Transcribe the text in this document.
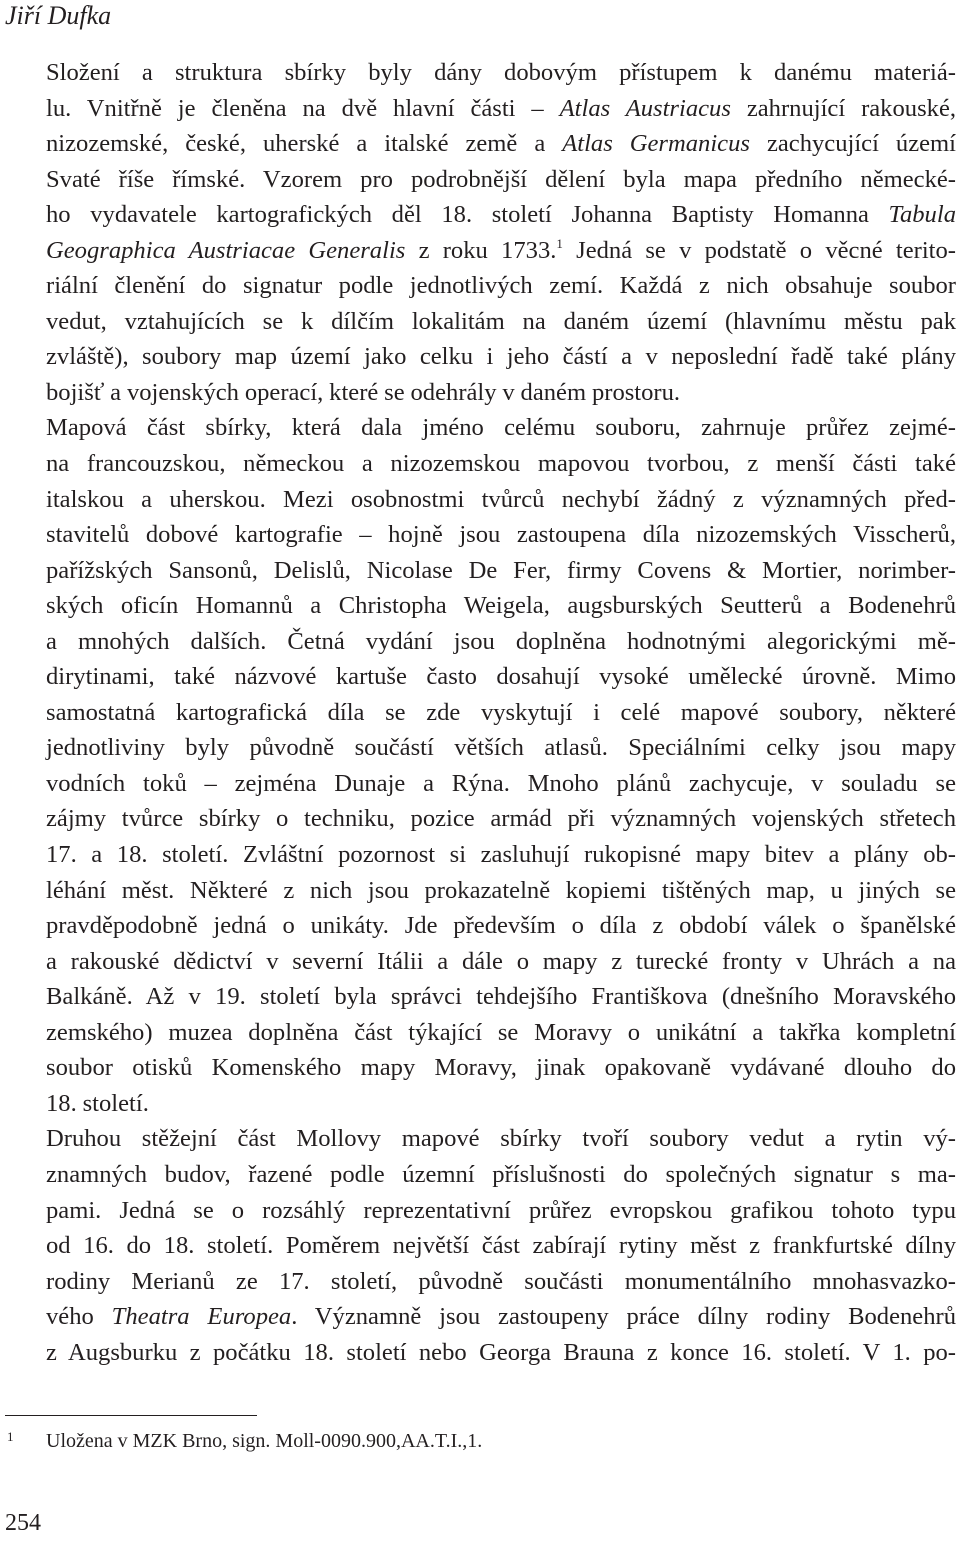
Jiří Dufka

Složení a struktura sbírky byly dány dobovým přístupem k danému materiá-
lu. Vnitřně je členěna na dvě hlavní části – Atlas Austriacus zahrnující rakouské,
nizozemské, české, uherské a italské země a Atlas Germanicus zachycující území
Svaté říše římské. Vzorem pro podrobnější dělení byla mapa předního německé-
ho vydavatele kartografických děl 18. století Johanna Baptisty Homanna Tabula
Geographica Austriacae Generalis z roku 1733.$^1$ Jedná se v podstatě o věcné terito-
riální členění do signatur podle jednotlivých zemí. Každá z nich obsahuje soubor
vedut, vztahujících se k dílčím lokalitám na daném území (hlavnímu městu pak
zvláště), soubory map území jako celku i jeho částí a v neposlední řadě také plány
bojišť a vojenských operací, které se odehrály v daném prostoru.

Mapová část sbírky, která dala jméno celému souboru, zahrnuje průřez zejmé-
na francouzskou, německou a nizozemskou mapovou tvorbou, z menší části také
italskou a uherskou. Mezi osobnostmi tvůrců nechybí žádný z významných před-
stavitelů dobové kartografie – hojně jsou zastoupena díla nizozemských Visscherů,
pařížských Sansonů, Delislů, Nicolase De Fer, firmy Covens & Mortier, norimber-
ských oficín Homannů a Christopha Weigela, augsburských Seutterů a Bodenehrů
a mnohých dalších. Četná vydání jsou doplněna hodnotnými alegorickými mě-
dirytinami, také názvové kartuše často dosahují vysoké umělecké úrovně. Mimo
samostatná kartografická díla se zde vyskytují i celé mapové soubory, některé
jednotliviny byly původně součástí větších atlasů. Speciálními celky jsou mapy
vodních toků – zejména Dunaje a Rýna. Mnoho plánů zachycuje, v souladu se
zájmy tvůrce sbírky o techniku, pozice armád při významných vojenských střetech
17. a 18. století. Zvláštní pozornost si zasluhují rukopisné mapy bitev a plány ob-
léhání měst. Některé z nich jsou prokazatelně kopiemi tištěných map, u jiných se
pravděpodobně jedná o unikáty. Jde především o díla z období válek o španělské
a rakouské dědictví v severní Itálii a dále o mapy z turecké fronty v Uhrách a na
Balkáně. Až v 19. století byla správci tehdejšího Františkova (dnešního Moravského
zemského) muzea doplněna část týkající se Moravy o unikátní a takřka kompletní
soubor otisků Komenského mapy Moravy, jinak opakovaně vydávané dlouho do
18. století.

Druhou stěžejní část Mollovy mapové sbírky tvoří soubory vedut a rytin vý-
znamných budov, řazené podle územní příslušnosti do společných signatur s ma-
pami. Jedná se o rozsáhlý reprezentativní průřez evropskou grafikou tohoto typu
od 16. do 18. století. Poměrem největší část zabírají rytiny měst z frankfurtské dílny
rodiny Merianů ze 17. století, původně součásti monumentálního mnohasvazko-
vého Theatra Europea. Významně jsou zastoupeny práce dílny rodiny Bodenehrů
z Augsburku z počátku 18. století nebo Georga Brauna z konce 16. století. V 1. po-

1 Uložena v MZK Brno, sign. Moll-0090.900,AA.T.I.,1.
254
